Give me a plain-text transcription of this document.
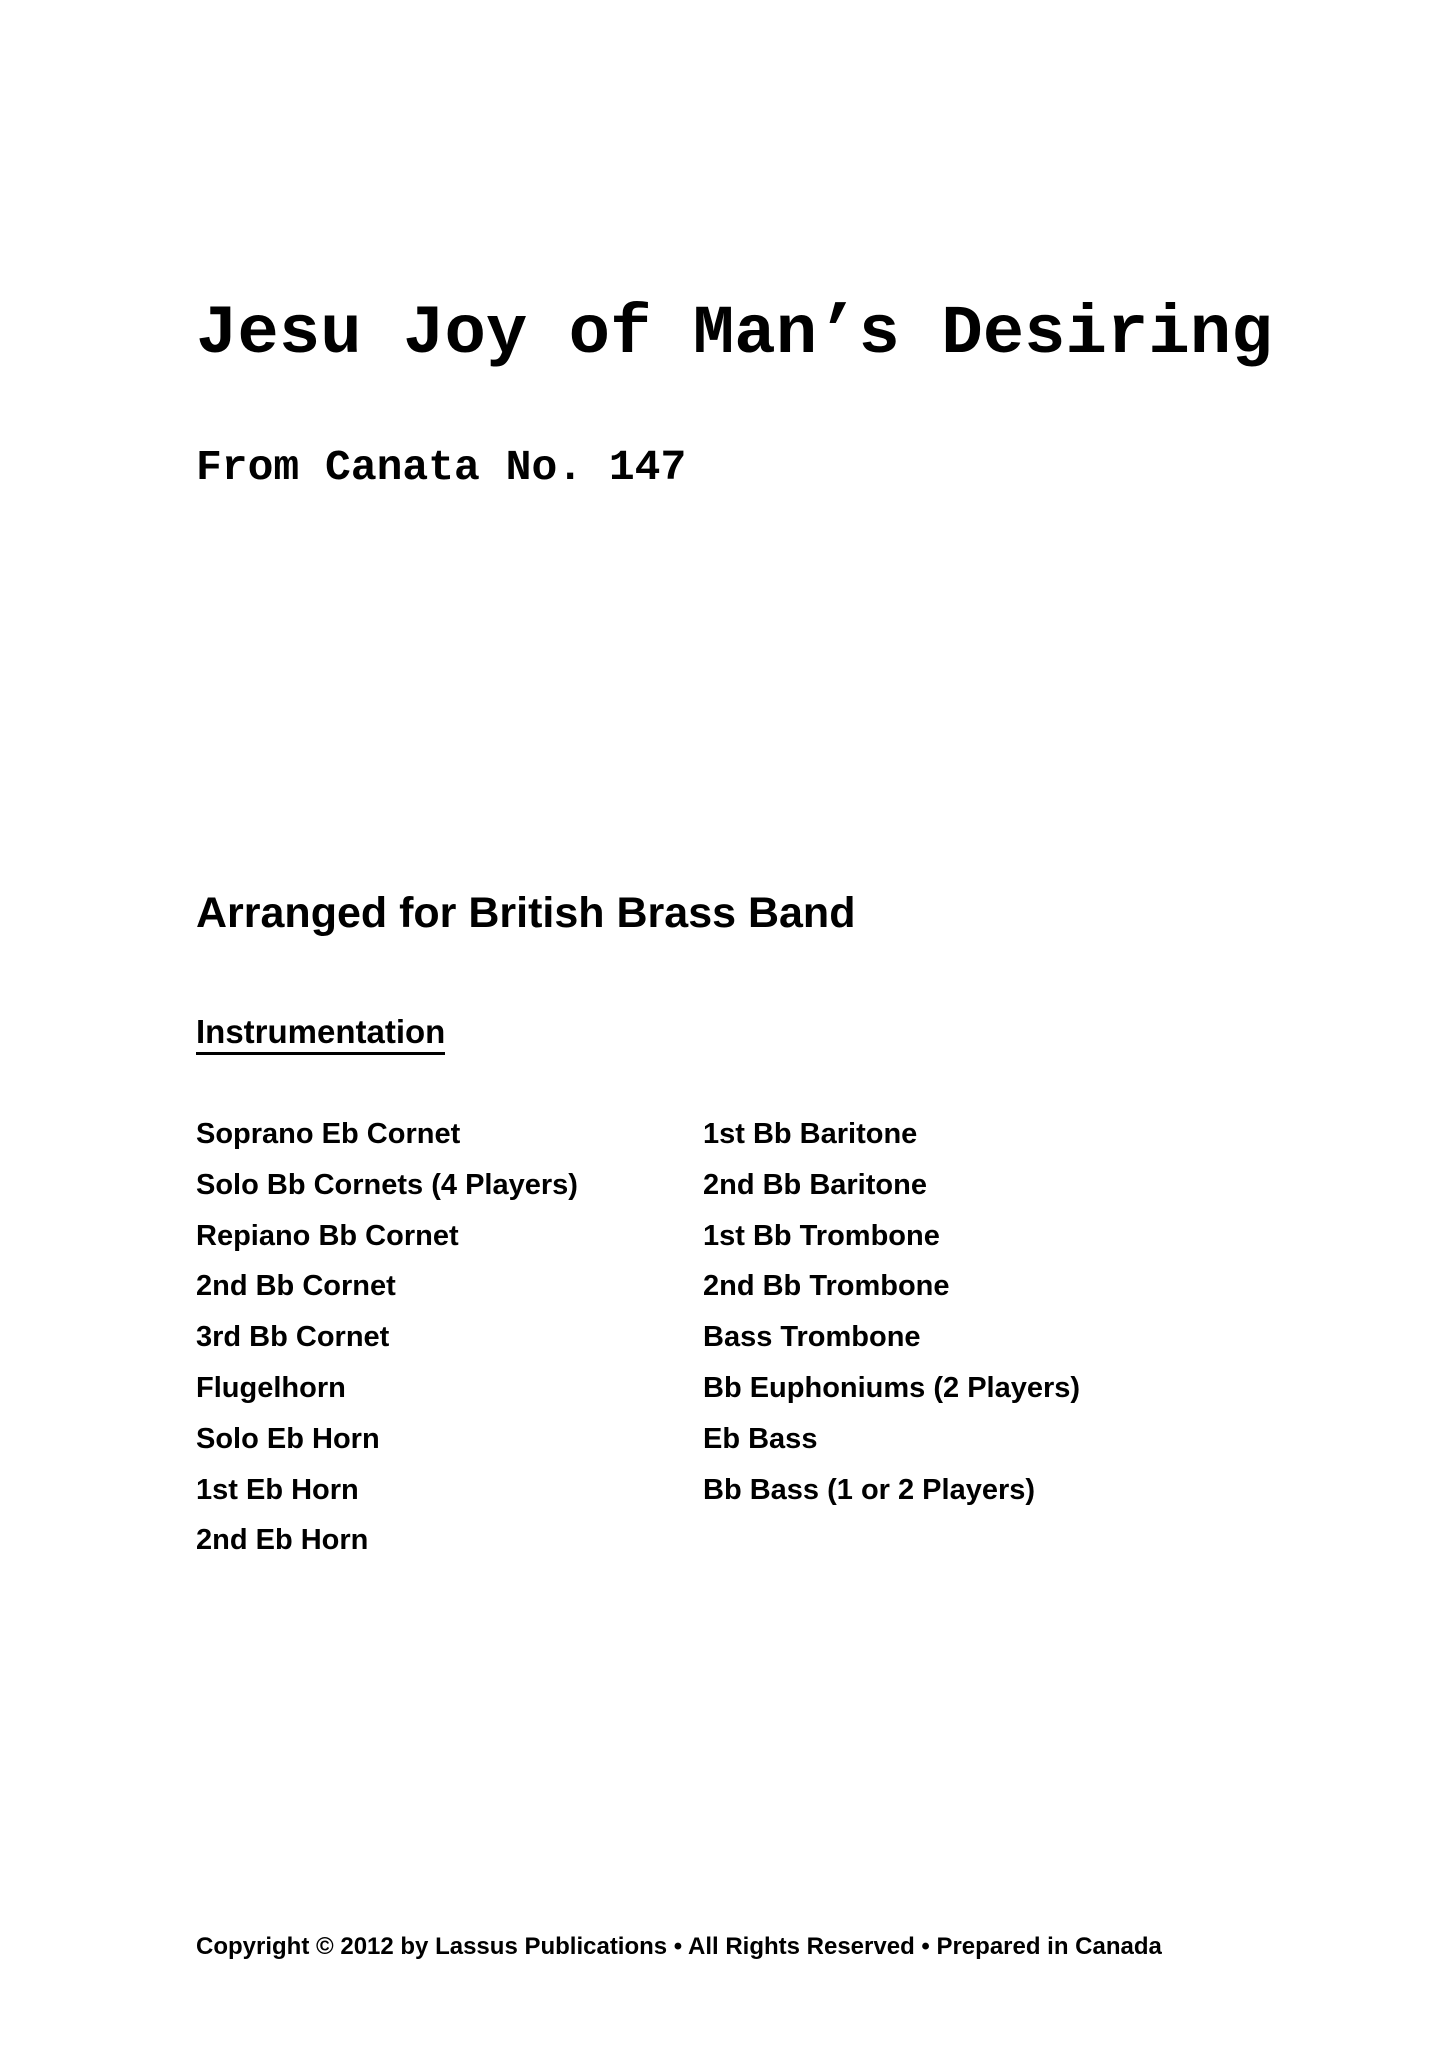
Jesu Joy of Man’s Desiring
From Canata No. 147
Arranged for British Brass Band
Instrumentation
Soprano Eb Cornet
Solo Bb Cornets (4 Players)
Repiano Bb Cornet
2nd Bb Cornet
3rd Bb Cornet
Flugelhorn
Solo Eb Horn
1st Eb Horn
2nd Eb Horn
1st Bb Baritone
2nd Bb Baritone
1st Bb Trombone
2nd Bb Trombone
Bass Trombone
Bb Euphoniums (2 Players)
Eb Bass
Bb Bass (1 or 2 Players)

Copyright © 2012 by Lassus Publications • All Rights Reserved • Prepared in Canada
